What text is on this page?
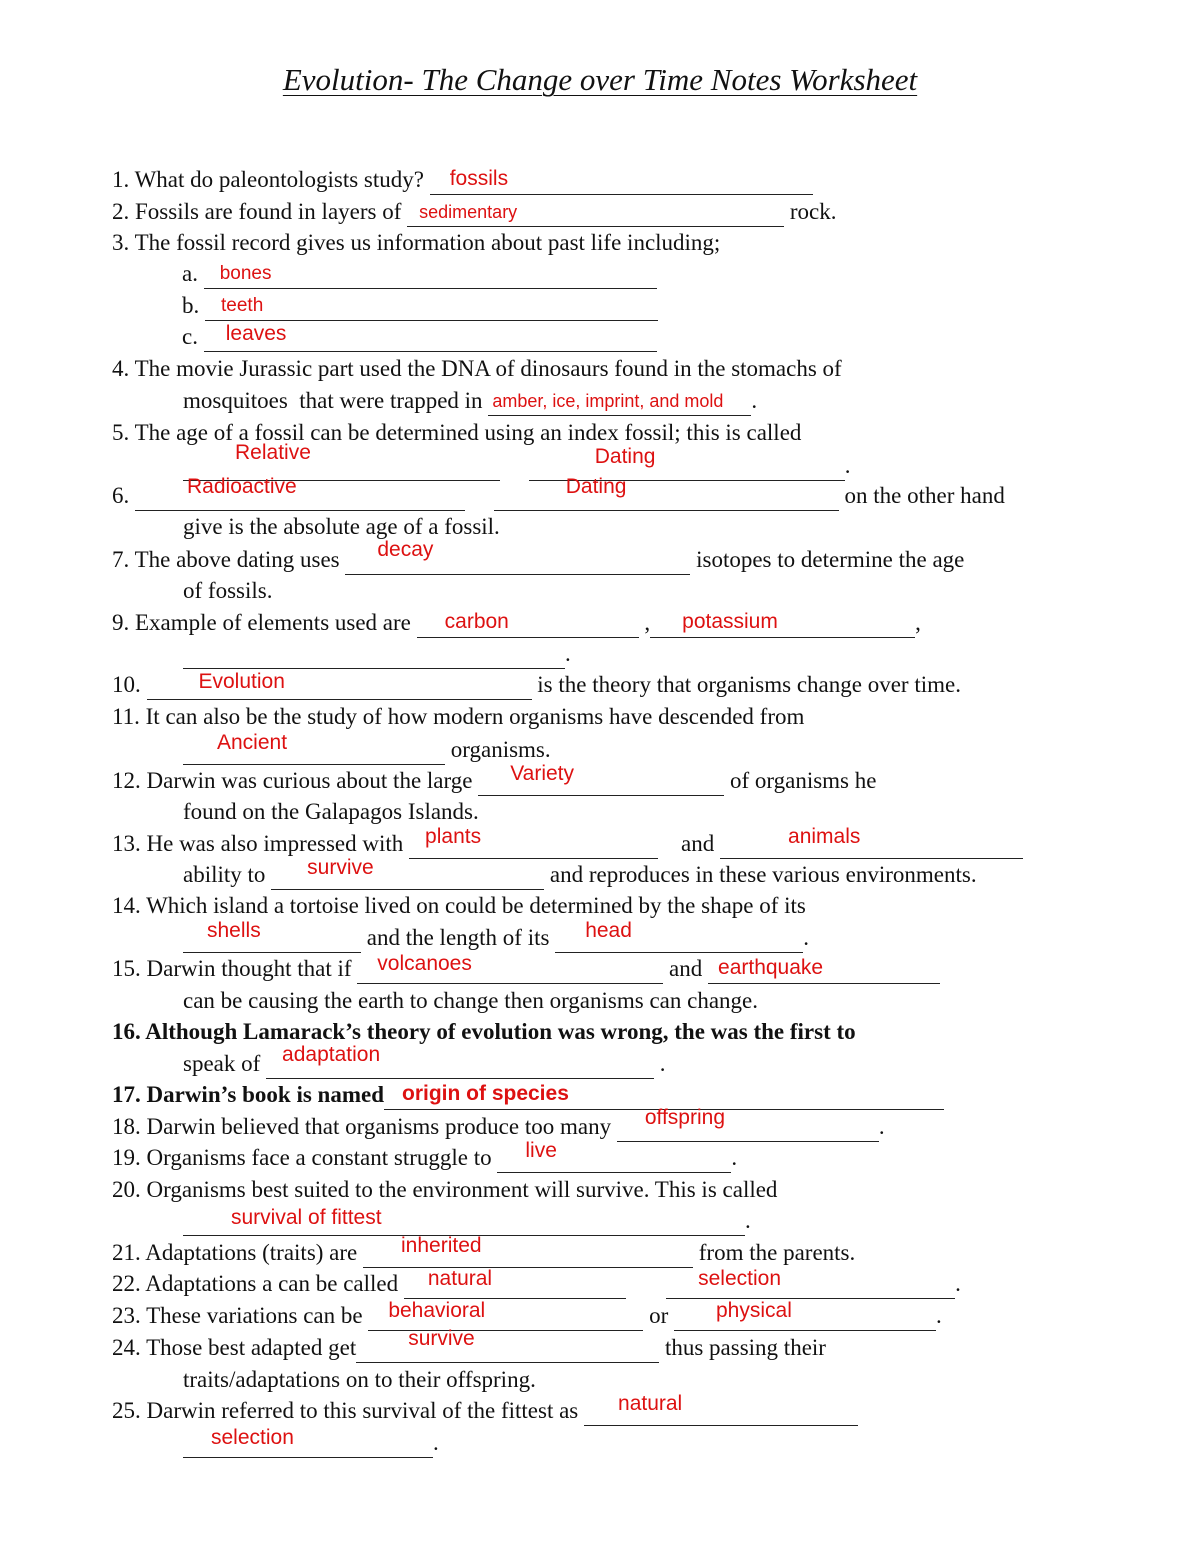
Evolution- The Change over Time Notes Worksheet
1. What do paleontologists study? fossils
2. Fossils are found in layers of sedimentary	rock.
3. The fossil record gives us information about past life including;
a. bones
b. teeth
c. leaves
4. The movie Jurassic part used the DNA of dinosaurs found in the stomachs of
mosquitoes  that were trapped in amber, ice, imprint, and mold .
5. The age of a fossil can be determined using an index fossil; this is called
Relative
	Dating	.
6. Radioactive
	Dating	on the other hand
give is the absolute age of a fossil.
7. The above dating uses decay	isotopes to determine the age
of fossils.
9. Example of elements used are carbon	, potassium	,
.
10. Evolution	is the theory that organisms change over time.
11. It can also be the study of how modern organisms have descended from
Ancient	organisms.
12. Darwin was curious about the large Variety	of organisms he
found on the Galapagos Islands.
13. He was also impressed with plants	and	animals
ability to survive	and reproduces in these various environments.
14. Which island a tortoise lived on could be determined by the shape of its
shells	and the length of its head	.
15. Darwin thought that if volcanoes	and earthquake
can be causing the earth to change then organisms can change.
16. Although Lamarack’s theory of evolution was wrong, the was the first to
speak of adaptation	.
17. Darwin’s book is named origin of species
18. Darwin believed that organisms produce too many offspring	.
19. Organisms face a constant struggle to live	.
20. Organisms best suited to the environment will survive. This is called
survival of fittest	.
21. Adaptations (traits) are inherited	from the parents.
22. Adaptations a can be called natural
	selection	.
23. These variations can be behavioral	or physical	.
24. Those best adapted get survive	thus passing their
traits/adaptations on to their offspring.
25. Darwin referred to this survival of the fittest as natural
selection	.
